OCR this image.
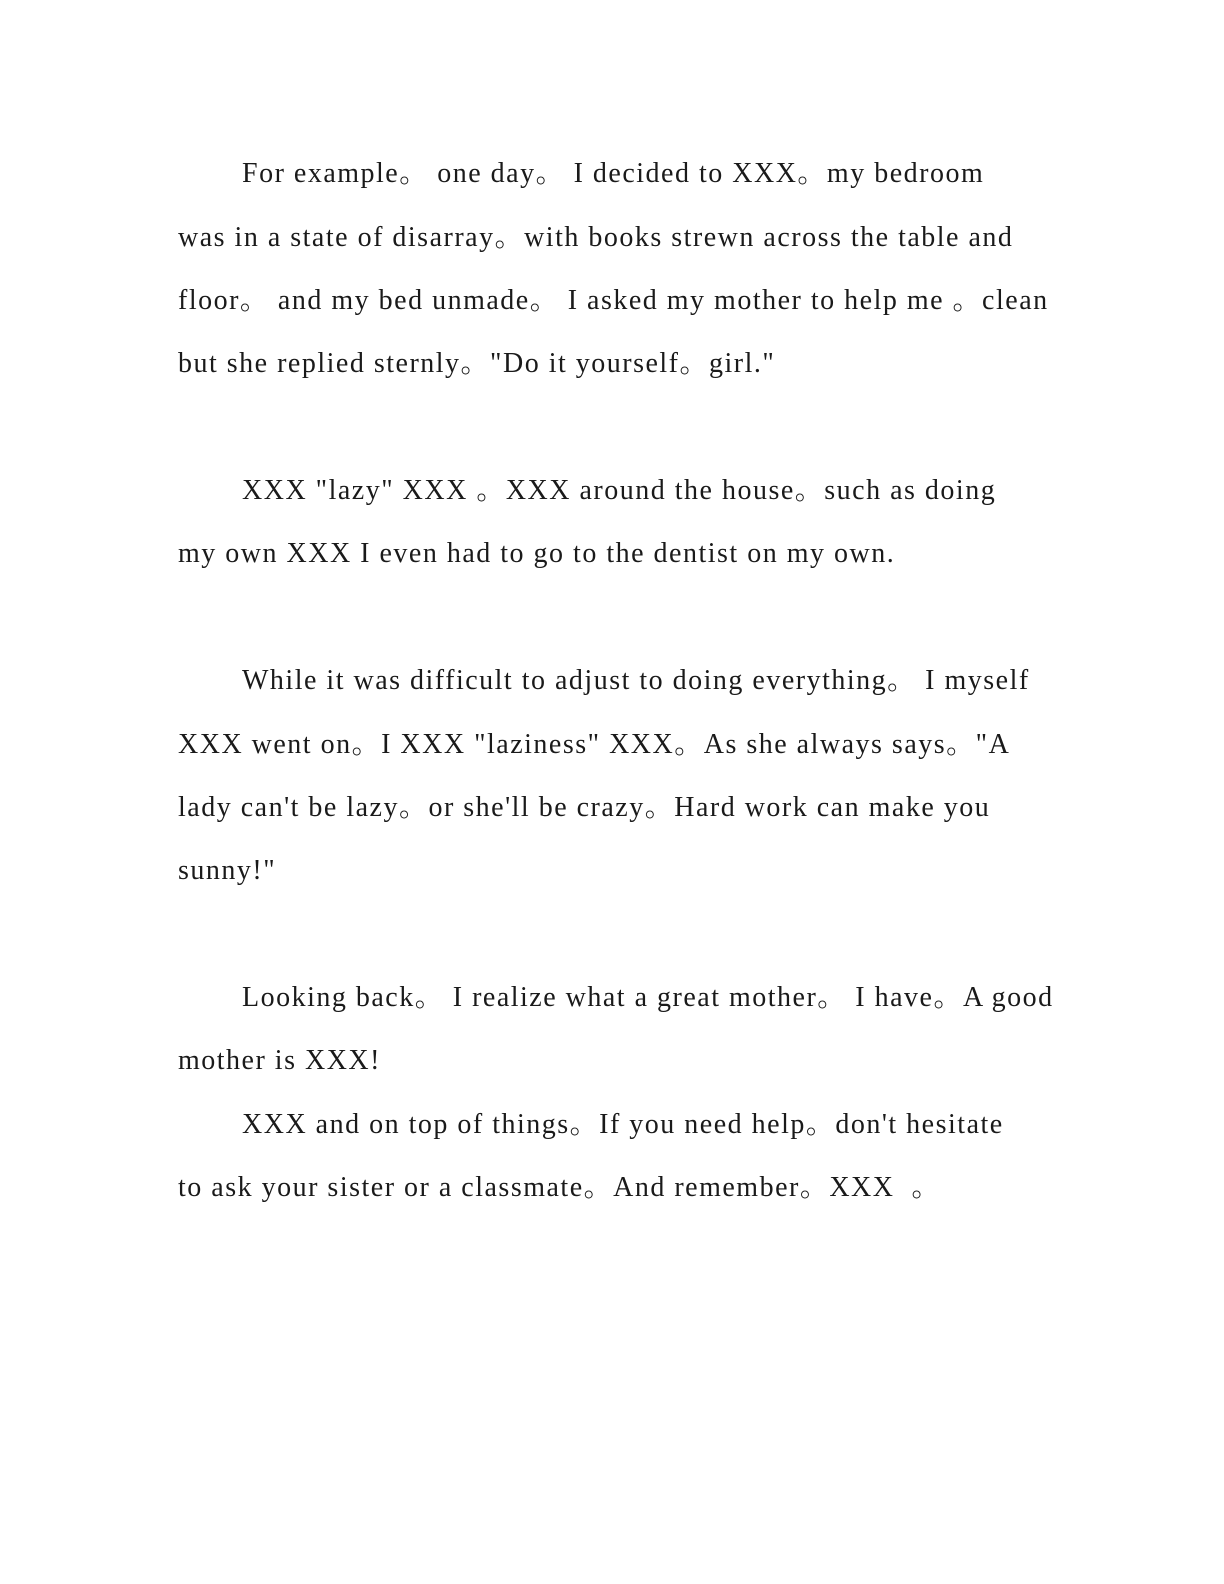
For example。 one day。 I decided to XXX。my bedroom
was in a state of disarray。with books strewn across the table and
floor。 and my bed unmade。 I asked my mother to help me 。clean
but she replied sternly。"Do it yourself。girl."
XXX "lazy" XXX 。XXX around the house。such as doing
my own XXX I even had to go to the dentist on my own.
While it was difficult to adjust to doing everything。 I myself
XXX went on。I XXX "laziness" XXX。As she always says。"A
lady can't be lazy。or she'll be crazy。Hard work can make you
sunny!"
Looking back。 I realize what a great mother。 I have。A good
mother is XXX!
XXX and on top of things。If you need help。don't hesitate
to ask your sister or a classmate。And remember。XXX  。
